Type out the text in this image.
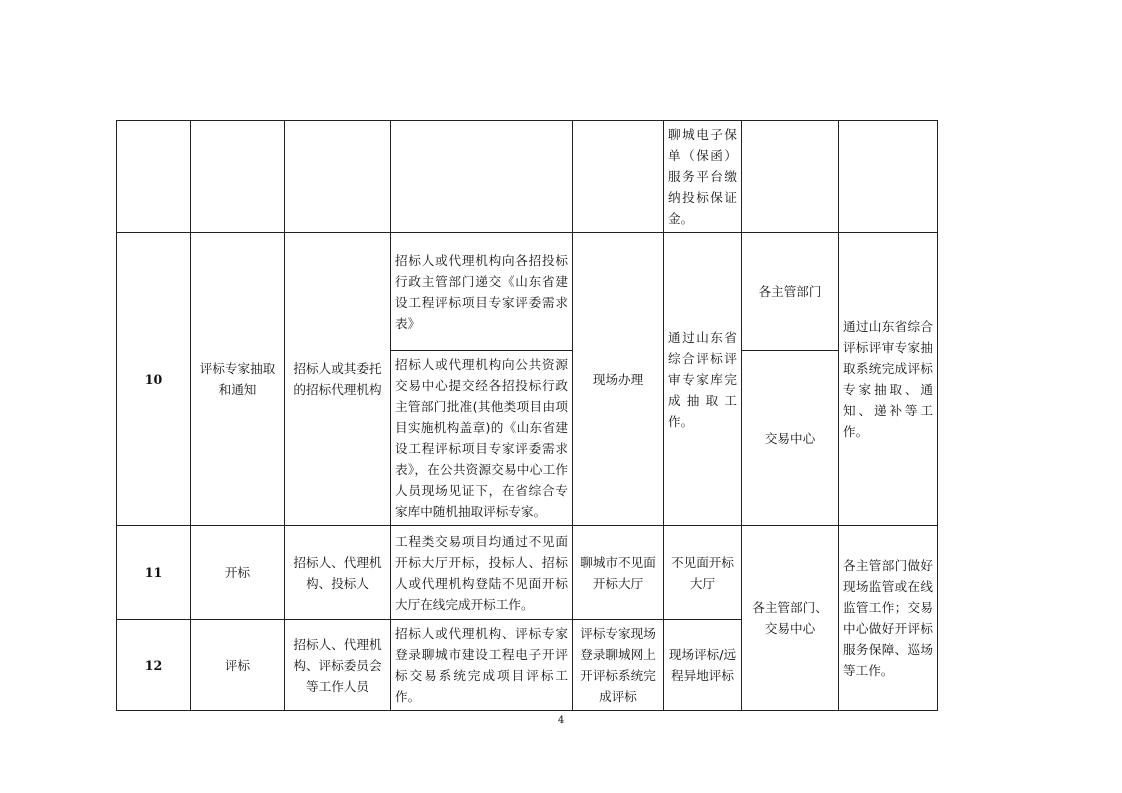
					聊城电子保单（保函）服务平台缴纳投标保证金。		
10	评标专家抽取和通知	招标人或其委托的招标代理机构	招标人或代理机构向各招投标行政主管部门递交《山东省建设工程评标项目专家评委需求表》	现场办理	通过山东省综合评标评审专家库完成抽取工作。	各主管部门	通过山东省综合评标评审专家抽取系统完成评标专家抽取、通知、递补等工作。
			招标人或代理机构向公共资源交易中心提交经各招投标行政主管部门批准(其他类项目由项目实施机构盖章)的《山东省建设工程评标项目专家评委需求表》，在公共资源交易中心工作人员现场见证下，在省综合专家库中随机抽取评标专家。			交易中心	
11	开标	招标人、代理机构、投标人	工程类交易项目均通过不见面开标大厅开标，投标人、招标人或代理机构登陆不见面开标大厅在线完成开标工作。	聊城市不见面开标大厅	不见面开标大厅	各主管部门、交易中心	各主管部门做好现场监管或在线监管工作；交易中心做好开评标服务保障、巡场等工作。
12	评标	招标人、代理机构、评标委员会等工作人员	招标人或代理机构、评标专家登录聊城市建设工程电子开评标交易系统完成项目评标工作。	评标专家现场登录聊城网上开评标系统完成评标	现场评标/远程异地评标		
4
